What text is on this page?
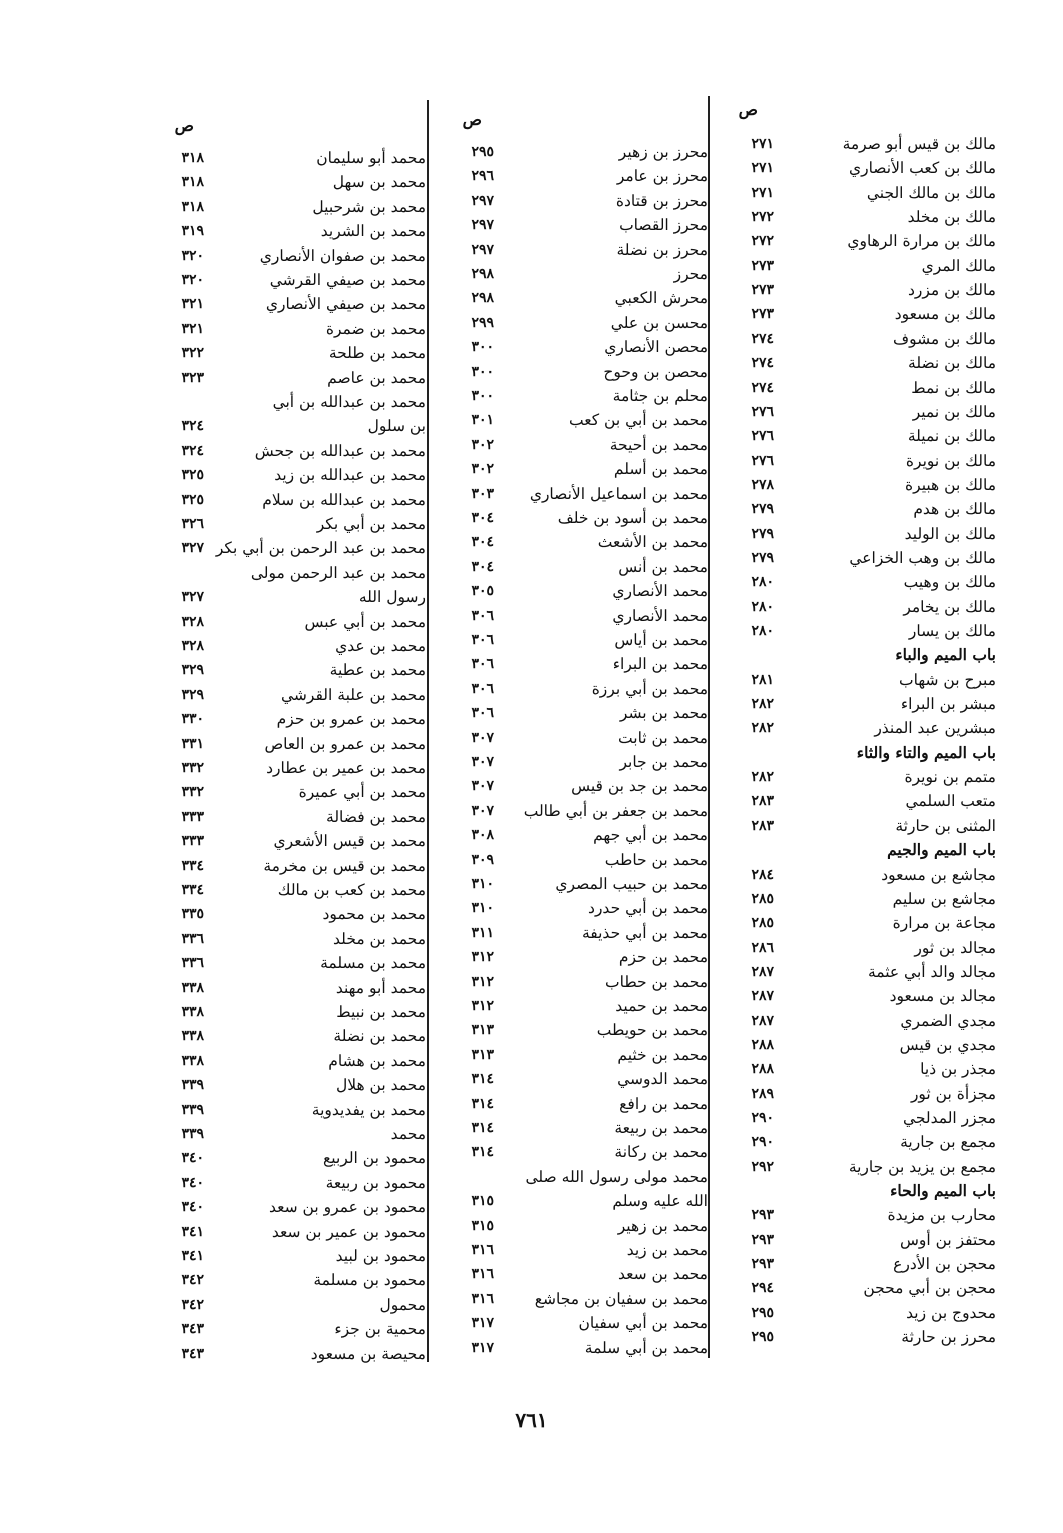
ص
مالك بن قيس أبو صرمة
٢٧١
مالك بن كعب الأنصاري
٢٧١
مالك بن مالك الجني
٢٧١
مالك بن مخلد
٢٧٢
مالك بن مرارة الرهاوي
٢٧٢
مالك المري
٢٧٣
مالك بن مزرد
٢٧٣
مالك بن مسعود
٢٧٣
مالك بن مشوف
٢٧٤
مالك بن نضلة
٢٧٤
مالك بن نمط
٢٧٤
مالك بن نمير
٢٧٦
مالك بن نميلة
٢٧٦
مالك بن نويرة
٢٧٦
مالك بن هبيرة
٢٧٨
مالك بن هدم
٢٧٩
مالك بن الوليد
٢٧٩
مالك بن وهب الخزاعي
٢٧٩
مالك بن وهيب
٢٨٠
مالك بن يخامر
٢٨٠
مالك بن يسار
٢٨٠
باب الميم والباء
مبرح بن شهاب
٢٨١
مبشر بن البراء
٢٨٢
مبشرين عبد المنذر
٢٨٢
باب الميم والتاء والثاء
متمم بن نويرة
٢٨٢
متعب السلمي
٢٨٣
المثنى بن حارثة
٢٨٣
باب الميم والجيم
مجاشع بن مسعود
٢٨٤
مجاشع بن سليم
٢٨٥
مجاعة بن مرارة
٢٨٥
مجالد بن ثور
٢٨٦
مجالد والد أبي عثمة
٢٨٧
مجالد بن مسعود
٢٨٧
مجدي الضمري
٢٨٧
مجدي بن قيس
٢٨٨
مجذر بن ذيا
٢٨٨
مجزأة بن ثور
٢٨٩
مجزر المدلجي
٢٩٠
مجمع بن جارية
٢٩٠
مجمع بن يزيد بن جارية
٢٩٢
باب الميم والحاء
محارب بن مزيدة
٢٩٣
محتفز بن أوس
٢٩٣
محجن بن الأدرع
٢٩٣
محجن بن أبي محجن
٢٩٤
محدوج بن زيد
٢٩٥
محرز بن حارثة
٢٩٥
ص
محرز بن زهير
٢٩٥
محرز بن عامر
٢٩٦
محرز بن قتادة
٢٩٧
محرز القصاب
٢٩٧
محرز بن نضلة
٢٩٧
محرز
٢٩٨
محرش الكعبي
٢٩٨
محسن بن علي
٢٩٩
محصن الأنصاري
٣٠٠
محصن بن وحوح
٣٠٠
محلم بن جثامة
٣٠٠
محمد بن أبي بن كعب
٣٠١
محمد بن أحيحة
٣٠٢
محمد بن أسلم
٣٠٢
محمد بن اسماعيل الأنصاري
٣٠٣
محمد بن أسود بن خلف
٣٠٤
محمد بن الأشعث
٣٠٤
محمد بن أنس
٣٠٤
محمد الأنصاري
٣٠٥
محمد الأنصاري
٣٠٦
محمد بن أياس
٣٠٦
محمد بن البراء
٣٠٦
محمد بن أبي برزة
٣٠٦
محمد بن بشر
٣٠٦
محمد بن ثابت
٣٠٧
محمد بن جابر
٣٠٧
محمد بن جد بن قيس
٣٠٧
محمد بن جعفر بن أبي طالب
٣٠٧
محمد بن أبي جهم
٣٠٨
محمد بن حاطب
٣٠٩
محمد بن حبيب المصري
٣١٠
محمد بن أبي حدرد
٣١٠
محمد بن أبي حذيفة
٣١١
محمد بن حزم
٣١٢
محمد بن حطاب
٣١٢
محمد بن حميد
٣١٢
محمد بن حويطب
٣١٣
محمد بن خثيم
٣١٣
محمد الدوسي
٣١٤
محمد بن رافع
٣١٤
محمد بن ربيعة
٣١٤
محمد بن ركانة
٣١٤
محمد مولى رسول الله صلى
الله عليه وسلم
٣١٥
محمد بن زهير
٣١٥
محمد بن زيد
٣١٦
محمد بن سعد
٣١٦
محمد بن سفيان بن مجاشع
٣١٦
محمد بن أبي سفيان
٣١٧
محمد بن أبي سلمة
٣١٧
ص
محمد أبو سليمان
٣١٨
محمد بن سهل
٣١٨
محمد بن شرحبيل
٣١٨
محمد بن الشريد
٣١٩
محمد بن صفوان الأنصاري
٣٢٠
محمد بن صيفي القرشي
٣٢٠
محمد بن صيفي الأنصاري
٣٢١
محمد بن ضمرة
٣٢١
محمد بن طلحة
٣٢٢
محمد بن عاصم
٣٢٣
محمد بن عبدالله بن أبي
بن سلول
٣٢٤
محمد بن عبدالله بن جحش
٣٢٤
محمد بن عبدالله بن زيد
٣٢٥
محمد بن عبدالله بن سلام
٣٢٥
محمد بن أبي بكر
٣٢٦
محمد بن عبد الرحمن بن أبي بكر
٣٢٧
محمد بن عبد الرحمن مولى
رسول الله
٣٢٧
محمد بن أبي عبس
٣٢٨
محمد بن عدي
٣٢٨
محمد بن عطية
٣٢٩
محمد بن علبة القرشي
٣٢٩
محمد بن عمرو بن حزم
٣٣٠
محمد بن عمرو بن العاص
٣٣١
محمد بن عمير بن عطارد
٣٣٢
محمد بن أبي عميرة
٣٣٢
محمد بن فضالة
٣٣٣
محمد بن قيس الأشعري
٣٣٣
محمد بن قيس بن مخرمة
٣٣٤
محمد بن كعب بن مالك
٣٣٤
محمد بن محمود
٣٣٥
محمد بن مخلد
٣٣٦
محمد بن مسلمة
٣٣٦
محمد أبو مهند
٣٣٨
محمد بن نبيط
٣٣٨
محمد بن نضلة
٣٣٨
محمد بن هشام
٣٣٨
محمد بن هلال
٣٣٩
محمد بن يفديدوية
٣٣٩
محمد
٣٣٩
محمود بن الربيع
٣٤٠
محمود بن ربيعة
٣٤٠
محمود بن عمرو بن سعد
٣٤٠
محمود بن عمير بن سعد
٣٤١
محمود بن لبيد
٣٤١
محمود بن مسلمة
٣٤٢
محمول
٣٤٢
محمية بن جزء
٣٤٣
محيصة بن مسعود
٣٤٣
٧٦١
